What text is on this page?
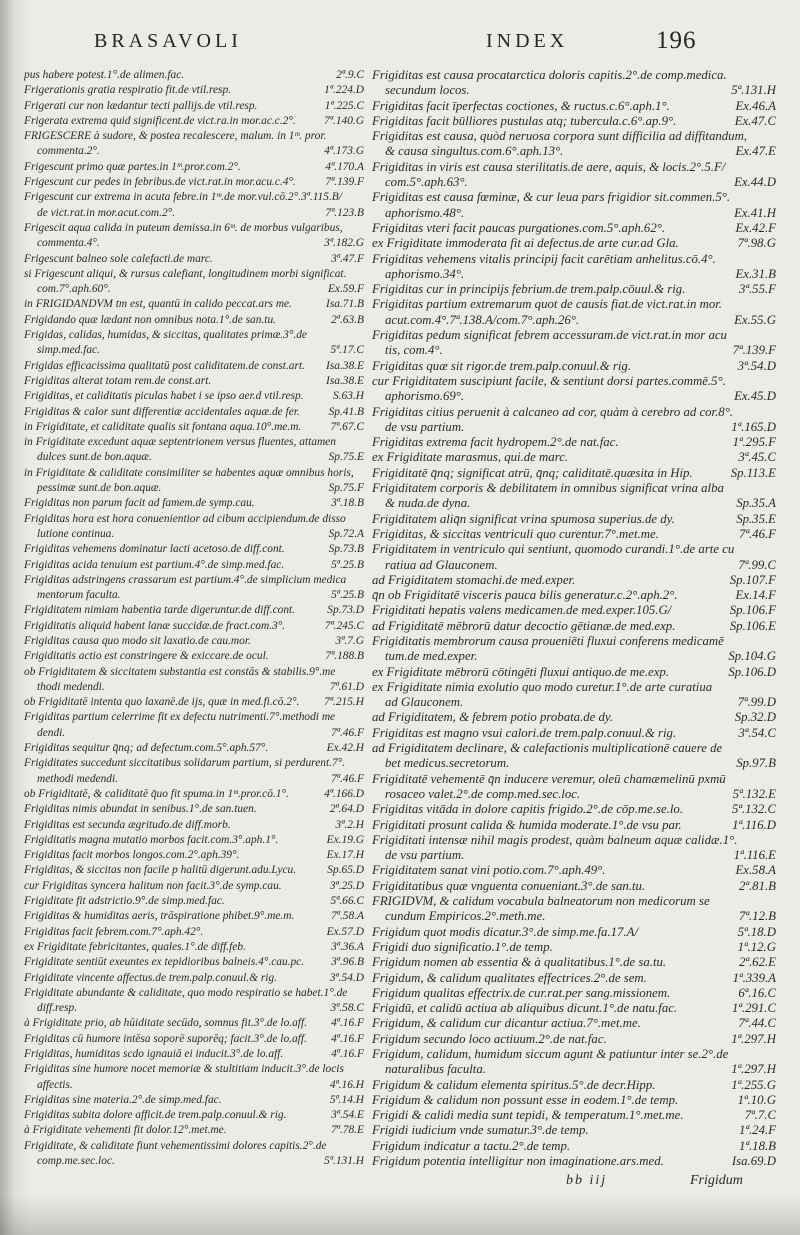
BRASAVOLI	INDEX	196
pus habere potest.1°.de alimen.fac.	2ª.9.C
Frigerationis gratia respiratio fit.de vtil.resp.	1ª.224.D
Frigerati cur non lædantur tecti pallijs.de vtil.resp.	1ª.225.C
Frigerata extrema quid significent.de vict.ra.in mor.ac.c.2°.	7ª.140.G
FRIGESCERE à sudore, & postea recalescere, malum. in 1ᵐ. pror.
commenta.2°.	4ª.173.G
Frigescunt primo quæ partes.in 1ᵐ.pror.com.2°.	4ª.170.A
Frigescunt cur pedes in febribus.de vict.rat.in mor.acu.c.4°.	7ª.139.F
Frigescunt cur extrema in acuta febre.in 1ᵐ.de mor.vul.cō.2°.3ª.115.B/
de vict.rat.in mor.acut.com.2°.	7ª.123.B
Frigescit aqua calida in puteum demissa.in 6ᵐ. de morbus vulgaribus,
commenta.4°.	3ª.182.G
Frigescunt balneo sole calefacti.de marc.	3ª.47.F
si Frigescunt aliqui, & rursus calefiant, longitudinem morbi significat.
com.7°.aph.60°.	Ex.59.F
in FRIGIDANDVM tm est, quantū in calido peccat.ars me.	Isa.71.B
Frigidando quæ lædant non omnibus nota.1°.de san.tu.	2ª.63.B
Frigidas, calidas, humidas, & siccitas, qualitates primæ.3°.de
simp.med.fac.	5ª.17.C
Frigidas efficacissima qualitatū post caliditatem.de const.art.	Isa.38.E
Frigiditas alterat totam rem.de const.art.	Isa.38.E
Frigiditas, et caliditatis piculas habet i se ipso aer.d vtil.resp.	S.63.H
Frigiditas & calor sunt differentiæ accidentales aquæ.de fer.	Sp.41.B
in Frigiditate, et caliditate qualis sit fontana aqua.10°.me.m.	7ª.67.C
in Frigiditate excedunt aquæ septentrionem versus fluentes, attamen
dulces sunt.de bon.aquæ.	Sp.75.E
in Frigiditate & caliditate consimiliter se habentes aquæ omnibus horis,
pessimæ sunt.de bon.aquæ.	Sp.75.F
Frigiditas non parum facit ad famem.de symp.cau.	3ª.18.B
Frigiditas hora est hora conuenientior ad cibum accipiendum.de disso
lutione continua.	Sp.72.A
Frigiditas vehemens dominatur lacti acetoso.de diff.cont.	Sp.73.B
Frigiditas acida tenuium est partium.4°.de simp.med.fac.	5ª.25.B
Frigiditas adstringens crassarum est partium.4°.de simplicium medica
mentorum faculta.	5ª.25.B
Frigiditatem nimiam habentia tarde digeruntur.de diff.cont.	Sp.73.D
Frigiditatis aliquid habent lanæ succidæ.de fract.com.3°.	7ª.245.C
Frigiditas causa quo modo sit laxatio.de cau.mor.	3ª.7.G
Frigiditatis actio est constringere & exiccare.de ocul.	7ª.188.B
ob Frigiditatem & siccitatem substantia est constās & stabilis.9°.me
thodi medendi.	7ª.61.D
ob Frigiditatē intenta quo laxanē.de ijs, quæ in med.fi.cō.2°.	7ª.215.H
Frigiditas partium celerrime fit ex defectu nutrimenti.7°.methodi me
dendi.	7ª.46.F
Frigiditas sequitur q̄nq; ad defectum.com.5°.aph.57°.	Ex.42.H
Frigiditates succedunt siccitatibus solidarum partium, si perdurent.7°.
methodi medendi.	7ª.46.F
ob Frigiditatē, & caliditatē q̄uo fit spuma.in 1ᵐ.pror.cō.1°.	4ª.166.D
Frigiditas nimis abundat in senibus.1°.de san.tuen.	2ª.64.D
Frigiditas est secunda ægritudo.de diff.morb.	3ª.2.H
Frigiditatis magna mutatio morbos facit.com.3°.aph.1°.	Ex.19.G
Frigiditas facit morbos longos.com.2°.aph.39°.	Ex.17.H
Frigiditas, & siccitas non facile p halitū digerunt.adu.Lycu.	Sp.65.D
cur Frigiditas syncera halitum non facit.3°.de symp.cau.	3ª.25.D
Frigiditate fit adstrictio.9°.de simp.med.fac.	5ª.66.C
Frigiditas & humiditas aeris, trāspiratione phibet.9°.me.m.	7ª.58.A
Frigiditas facit febrem.com.7°.aph.42°.	Ex.57.D
ex Frigiditate febricitantes, quales.1°.de diff.feb.	3ª.36.A
Frigiditate sentiūt exeuntes ex tepidioribus balneis.4°.cau.pc.	3ª.96.B
Frigiditate vincente affectus.de trem.palp.conuul.& rig.	3ª.54.D
Frigiditate abundante & caliditate, quo modo respiratio se habet.1°.de
diff.resp.	3ª.58.C
à Frigiditate prio, ab hūiditate secūdo, somnus fit.3°.de lo.aff.	4ª.16.F
Frigiditas cū humore intēsa soporē suporēq; facit.3°.de lo.aff.	4ª.16.F
Frigiditas, humiditas scdo ignauiā ei inducit.3°.de lo.aff.	4ª.16.F
Frigiditas sine humore nocet memoriæ & stultitiam inducit.3°.de locis
affectis.	4ª.16.H
Frigiditas sine materia.2°.de simp.med.fac.	5ª.14.H
Frigiditas subita dolore afficit.de trem.palp.conuul.& rig.	3ª.54.E
à Frigiditate vehementi fit dolor.12°.met.me.	7ª.78.E
Frigiditate, & caliditate fiunt vehementissimi dolores capitis.2°.de
comp.me.sec.loc.	5ª.131.H
Frigiditas est causa procatarctica doloris capitis.2°.de comp.medica.
secundum locos.	5ª.131.H
Frigiditas facit īperfectas coctiones, & ructus.c.6°.aph.1°.	Ex.46.A
Frigiditas facit būlliores pustulas atq; tubercula.c.6°.ap.9°.	Ex.47.C
Frigiditas est causa, quòd neruosa corpora sunt difficilia ad diffitandum,
& causa singultus.com.6°.aph.13°.	Ex.47.E
Frigiditas in viris est causa sterilitatis.de aere, aquis, & locis.2°.5.F/
com.5°.aph.63°.	Ex.44.D
Frigiditas est causa fœminæ, & cur leua pars frigidior sit.commen.5°.
aphorismo.48°.	Ex.41.H
Frigiditas vteri facit paucas purgationes.com.5°.aph.62°.	Ex.42.F
ex Frigiditate immoderata fit ai defectus.de arte cur.ad Gla.	7ª.98.G
Frigiditas vehemens vitalis principij facit carētiam anhelitus.cō.4°.
aphorismo.34°.	Ex.31.B
Frigiditas cur in principijs febrium.de trem.palp.cōuul.& rig.	3ª.55.F
Frigiditas partium extremarum quot de causis fiat.de vict.rat.in mor.
acut.com.4°.7ª.138.A/com.7°.aph.26°.	Ex.55.G
Frigiditas pedum significat febrem accessuram.de vict.rat.in mor acu
tis, com.4°.	7ª.139.F
Frigiditas quæ sit rigor.de trem.palp.conuul.& rig.	3ª.54.D
cur Frigiditatem suscipiunt facile, & sentiunt dorsi partes.commē.5°.
aphorismo.69°.	Ex.45.D
Frigiditas citius peruenit à calcaneo ad cor, quàm à cerebro ad cor.8°.
de vsu partium.	1ª.165.D
Frigiditas extrema facit hydropem.2°.de nat.fac.	1ª.295.F
ex Frigiditate marasmus, qui.de marc.	3ª.45.C
Frigiditatē q̄nq; significat atrū, q̄nq; caliditatē.quæsita in Hip.	Sp.113.E
Frigiditatem corporis & debilitatem in omnibus significat vrina alba
& nuda.de dyna.	Sp.35.A
Frigiditatem aliq̄n significat vrina spumosa superius.de dy.	Sp.35.E
Frigiditas, & siccitas ventriculi quo curentur.7°.met.me.	7ª.46.F
Frigiditatem in ventriculo qui sentiunt, quomodo curandi.1°.de arte cu
ratiua ad Glauconem.	7ª.99.C
ad Frigiditatem stomachi.de med.exper.	Sp.107.F
q̄n ob Frigiditatē visceris pauca bilis generatur.c.2°.aph.2°.	Ex.14.F
Frigiditati hepatis valens medicamen.de med.exper.105.G/	Sp.106.F
ad Frigiditatē mēbrorū datur decoctio gētianæ.de med.exp.	Sp.106.E
Frigiditatis membrorum causa proueniēti fluxui conferens medicamē
tum.de med.exper.	Sp.104.G
ex Frigiditate mēbrorū cōtingēti fluxui antiquo.de me.exp.	Sp.106.D
ex Frigiditate nimia exolutio quo modo curetur.1°.de arte curatiua
ad Glauconem.	7ª.99.D
ad Frigiditatem, & febrem potio probata.de dy.	Sp.32.D
Frigiditas est magno vsui calori.de trem.palp.conuul.& rig.	3ª.54.C
ad Frigiditatem declinare, & calefactionis multiplicationē cauere de
bet medicus.secretorum.	Sp.97.B
Frigiditatē vehementē q̄n inducere veremur, oleū chamæmelinū pxmū
rosaceo valet.2°.de comp.med.sec.loc.	5ª.132.E
Frigiditas vitāda in dolore capitis frigido.2°.de cōp.me.se.lo.	5ª.132.C
Frigiditati prosunt calida & humida moderate.1°.de vsu par.	1ª.116.D
Frigiditati intensæ nihil magis prodest, quàm balneum aquæ calidæ.1°.
de vsu partium.	1ª.116.E
Frigiditatem sanat vini potio.com.7°.aph.49°.	Ex.58.A
Frigiditatibus quæ vnguenta conueniant.3°.de san.tu.	2ª.81.B
FRIGIDVM, & calidum vocabula balneatorum non medicorum se
cundum Empiricos.2°.meth.me.	7ª.12.B
Frigidum quot modis dicatur.3°.de simp.me.fa.17.A/	5ª.18.D
Frigidi duo significatio.1°.de temp.	1ª.12.G
Frigidum nomen ab essentia & à qualitatibus.1°.de sa.tu.	2ª.62.E
Frigidum, & calidum qualitates effectrices.2°.de sem.	1ª.339.A
Frigidum qualitas effectrix.de cur.rat.per sang.missionem.	6ª.16.C
Frigidū, et calidū actiua ab aliquibus dicunt.1°.de natu.fac.	1ª.291.C
Frigidum, & calidum cur dicantur actiua.7°.met.me.	7ª.44.C
Frigidum secundo loco actiuum.2°.de nat.fac.	1ª.297.H
Frigidum, calidum, humidum siccum agunt & patiuntur inter se.2°.de
naturalibus faculta.	1ª.297.H
Frigidum & calidum elementa spiritus.5°.de decr.Hipp.	1ª.255.G
Frigidum & calidum non possunt esse in eodem.1°.de temp.	1ª.10.G
Frigidi & calidi media sunt tepidi, & temperatum.1°.met.me.	7ª.7.C
Frigidi iudicium vnde sumatur.3°.de temp.	1ª.24.F
Frigidum indicatur a tactu.2°.de temp.	1ª.18.B
Frigidum potentia intelligitur non imaginatione.ars.med.	Isa.69.D
bb iij	Frigidum
